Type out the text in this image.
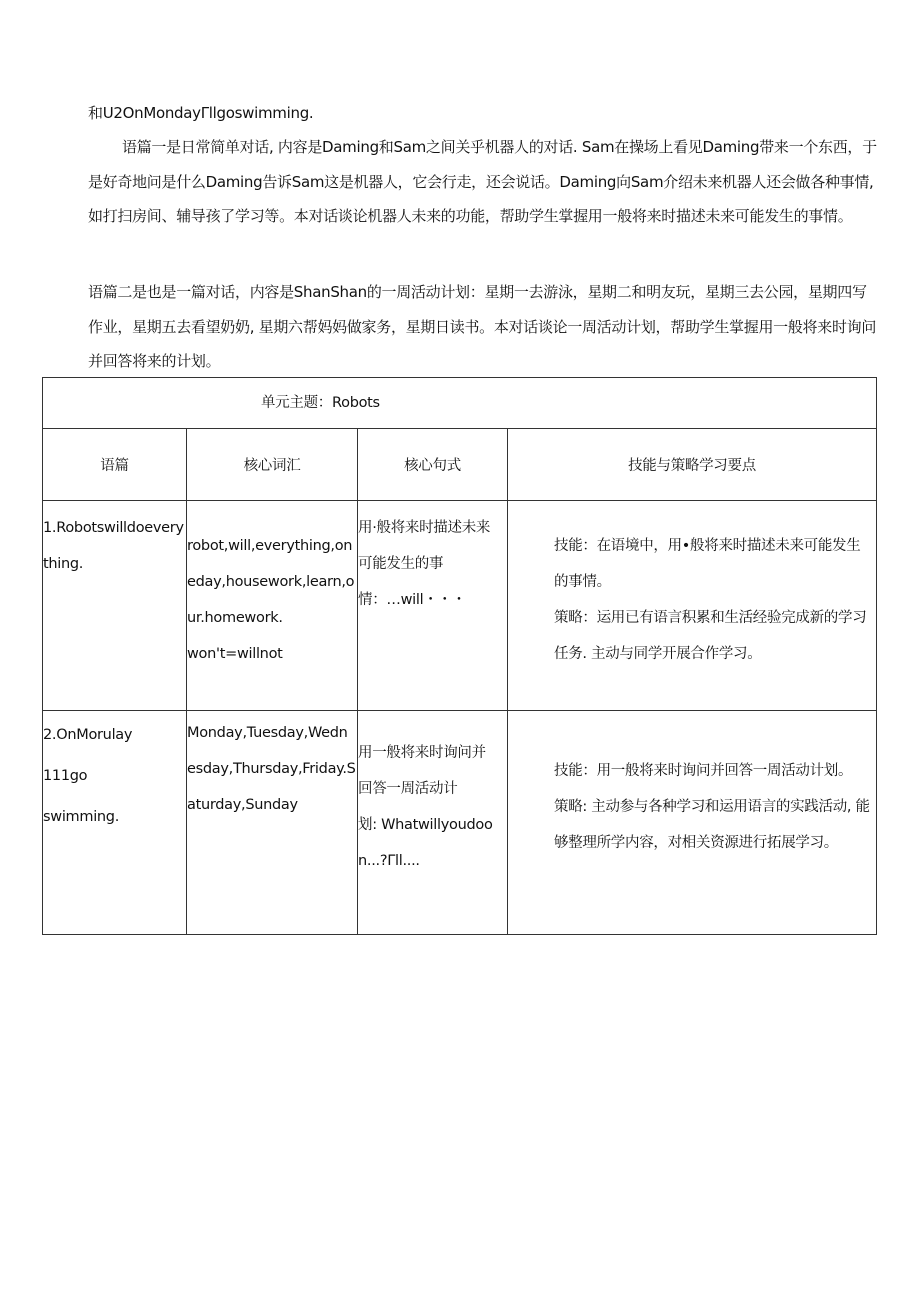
和U2OnMondayΓllgoswimming.

语篇一是日常简单对话, 内容是Daming和Sam之间关乎机器人的对话. Sam在操场上看见Daming带来一个东西，于是好奇地问是什么Daming告诉Sam这是机器人，它会行走，还会说话。Daming向Sam介绍未来机器人还会做各种事情, 如打扫房间、辅导孩了学习等。本对话谈论机器人未来的功能，帮助学生掌握用一般将来时描述未来可能发生的事情。

语篇二是也是一篇对话，内容是ShanShan的一周活动计划：星期一去游泳，星期二和明友玩，星期三去公园，星期四写作业，星期五去看望奶奶, 星期六帮妈妈做家务，星期日读书。本对话谈论一周活动计划，帮助学生掌握用一般将来时询问并回答将来的计划。

单元主题：Robots			
语篇	核心词汇	核心句式	技能与策略学习要点

1.Robotswilldoevery
thing.	robot,will,everything,on
eday,housework,learn,o
ur.homework.
won't=willnot	用·般将来时描述未来
可能发生的事
情：…will・・・	技能：在语境中，用•般将来时描述未来可能发生的事情。
策略：运用已有语言积累和生活经验完成新的学习任务. 主动与同学开展合作学习。

2.OnMorulay
111go
swimming.	Monday,Tuesday,Wedn
esday,Thursday,Friday.S
aturday,Sunday	用一般将来时询问并
回答一周活动计
划: Whatwillyoudoo
n...?Γll....	技能：用一般将来时询问并回答一周活动计划。
策略: 主动参与各种学习和运用语言的实践活动, 能够整理所学内容，对相关资源进行拓展学习。
